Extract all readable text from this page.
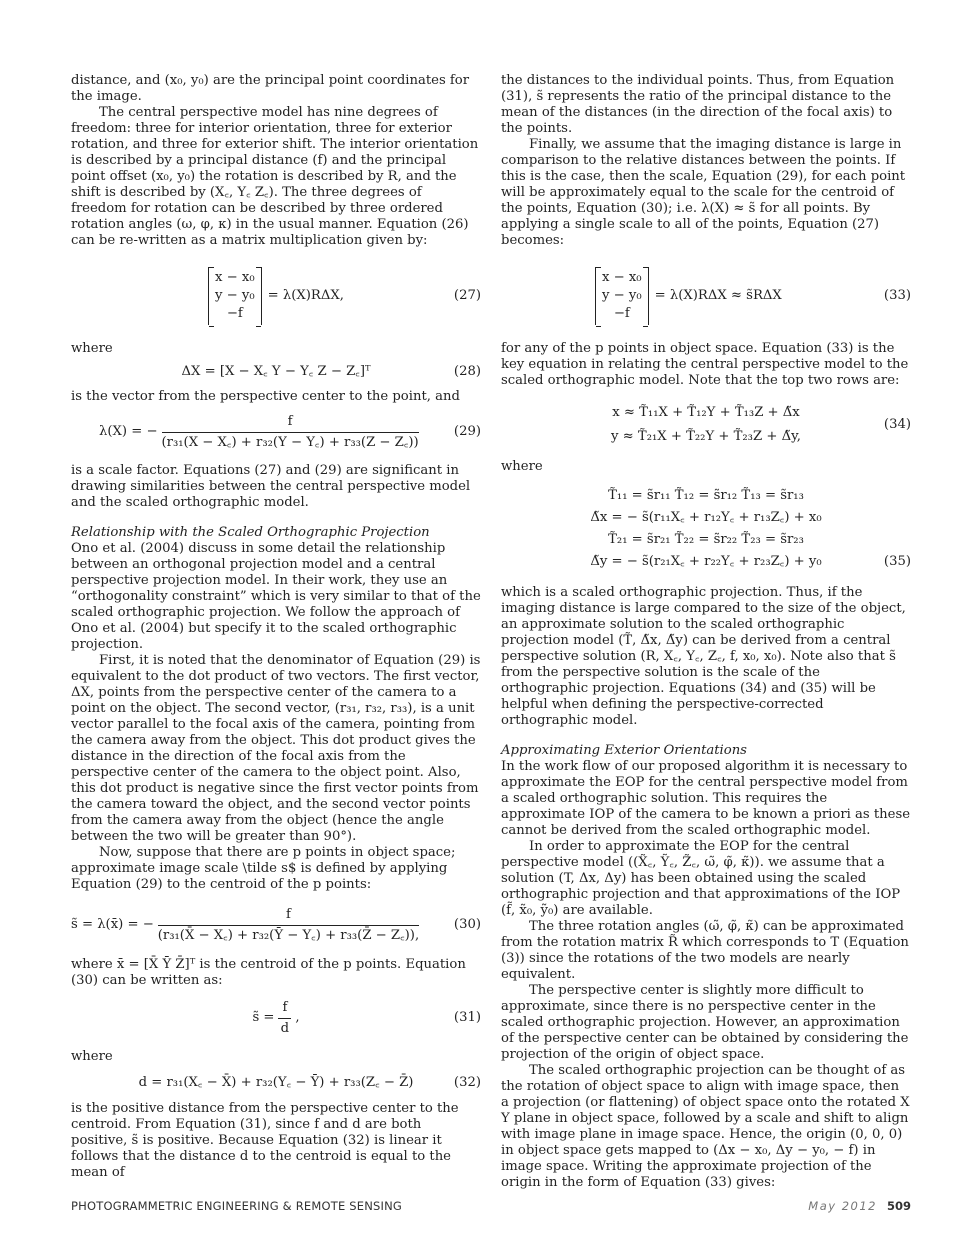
distance, and (x₀, y₀) are the principal point coordinates for the image.

The central perspective model has nine degrees of freedom: three for interior orientation, three for exterior rotation, and three for exterior shift. The interior orientation is described by a principal distance (f) and the principal point offset (x₀, y₀) the rotation is described by R, and the shift is described by (X꜀, Y꜀ Z꜀). The three degrees of freedom for rotation can be described by three ordered rotation angles (ω, φ, κ) in the usual manner. Equation (26) can be re-written as a matrix multiplication given by:

x − x₀
y − y₀
−f
= λ(X)RΔX,	(27)

where

ΔX = [X − X꜀ Y − Y꜀ Z − Z꜀]ᵀ	(28)

is the vector from the perspective center to the point, and

λ(X) = − $\frac{f}{\text{(r₃₁(X − X꜀) + r₃₂(Y − Y꜀) + r₃₃(Z − Z꜀))}}$	(29)

is a scale factor. Equations (27) and (29) are significant in drawing similarities between the central perspective model and the scaled orthographic model.

Relationship with the Scaled Orthographic Projection

Ono et al. (2004) discuss in some detail the relationship between an orthogonal projection model and a central perspective projection model. In their work, they use an “orthogonality constraint” which is very similar to that of the scaled orthographic projection. We follow the approach of Ono et al. (2004) but specify it to the scaled orthographic projection.

First, it is noted that the denominator of Equation (29) is equivalent to the dot product of two vectors. The first vector, ΔX, points from the perspective center of the camera to a point on the object. The second vector, (r₃₁, r₃₂, r₃₃), is a unit vector parallel to the focal axis of the camera, pointing from the camera away from the object. This dot product gives the distance in the direction of the focal axis from the perspective center of the camera to the object point. Also, this dot product is negative since the first vector points from the camera toward the object, and the second vector points from the camera away from the object (hence the angle between the two will be greater than 90°).

Now, suppose that there are p points in object space; approximate image scale \tilde s$ is defined by applying Equation (29) to the centroid of the p points:

s̃ = λ(x̄) = − $\frac{f}{\text{(r₃₁(X̄ − X꜀) + r₃₂(Ȳ − Y꜀) + r₃₃(Z̄ − Z꜀)),}}$	(30)

where x̄ = [X̄ Ȳ Z̄]ᵀ is the centroid of the p points. Equation (30) can be written as:

s̃ = $\frac{f}{d}$ ,	(31)

where

d = r₃₁(X꜀ − X̄) + r₃₂(Y꜀ − Ȳ) + r₃₃(Z꜀ − Z̄)	(32)

is the positive distance from the perspective center to the centroid. From Equation (31), since f and d are both positive, s̃ is positive. Because Equation (32) is linear it follows that the distance d to the centroid is equal to the mean of

the distances to the individual points. Thus, from Equation (31), s̃ represents the ratio of the principal distance to the mean of the distances (in the direction of the focal axis) to the points.

Finally, we assume that the imaging distance is large in comparison to the relative distances between the points. If this is the case, then the scale, Equation (29), for each point will be approximately equal to the scale for the centroid of the points, Equation (30); i.e. λ(X) ≈ s̃ for all points. By applying a single scale to all of the points, Equation (27) becomes:

x − x₀
y − y₀
−f
= λ(X)RΔX ≈ s̃RΔX	(33)

for any of the p points in object space. Equation (33) is the key equation in relating the central perspective model to the scaled orthographic model. Note that the top two rows are:

x ≈ T̃₁₁X + T̃₁₂Y + T̃₁₃Z + Δ̃x
y ≈ T̃₂₁X + T̃₂₂Y + T̃₂₃Z + Δ̃y,
(34)

where

T̃₁₁ = s̃r₁₁ T̃₁₂ = s̃r₁₂ T̃₁₃ = s̃r₁₃
Δ̃x = − s̃(r₁₁X꜀ + r₁₂Y꜀ + r₁₃Z꜀) + x₀
T̃₂₁ = s̃r₂₁ T̃₂₂ = s̃r₂₂ T̃₂₃ = s̃r₂₃
Δ̃y = − s̃(r₂₁X꜀ + r₂₂Y꜀ + r₂₃Z꜀) + y₀	(35)

which is a scaled orthographic projection. Thus, if the imaging distance is large compared to the size of the object, an approximate solution to the scaled orthographic projection model (T̃, Δ̃x, Δ̃y) can be derived from a central perspective solution (R, X꜀, Y꜀, Z꜀, f, x₀, x₀). Note also that s̃ from the perspective solution is the scale of the orthographic projection. Equations (34) and (35) will be helpful when defining the perspective-corrected orthographic model.

Approximating Exterior Orientations

In the work flow of our proposed algorithm it is necessary to approximate the EOP for the central perspective model from a scaled orthographic solution. This requires the approximate IOP of the camera to be known a priori as these cannot be derived from the scaled orthographic model.

In order to approximate the EOP for the central perspective model ((X̃꜀, Ỹ꜀, Z̃꜀, ω̃, φ̃, κ̃)). we assume that a solution (T, Δx, Δy) has been obtained using the scaled orthographic projection and that approximations of the IOP (f̃, x̃₀, ỹ₀) are available.

The three rotation angles (ω̃, φ̃, κ̃) can be approximated from the rotation matrix R̃ which corresponds to T (Equation (3)) since the rotations of the two models are nearly equivalent.

The perspective center is slightly more difficult to approximate, since there is no perspective center in the scaled orthographic projection. However, an approximation of the perspective center can be obtained by considering the projection of the origin of object space.

The scaled orthographic projection can be thought of as the rotation of object space to align with image space, then a projection (or flattening) of object space onto the rotated X Y plane in object space, followed by a scale and shift to align with image plane in image space. Hence, the origin (0, 0, 0) in object space gets mapped to (Δx − x₀, Δy − y₀, − f) in image space. Writing the approximate projection of the origin in the form of Equation (33) gives:

PHOTOGRAMMETRIC ENGINEERING & REMOTE SENSING	May 2012 509
